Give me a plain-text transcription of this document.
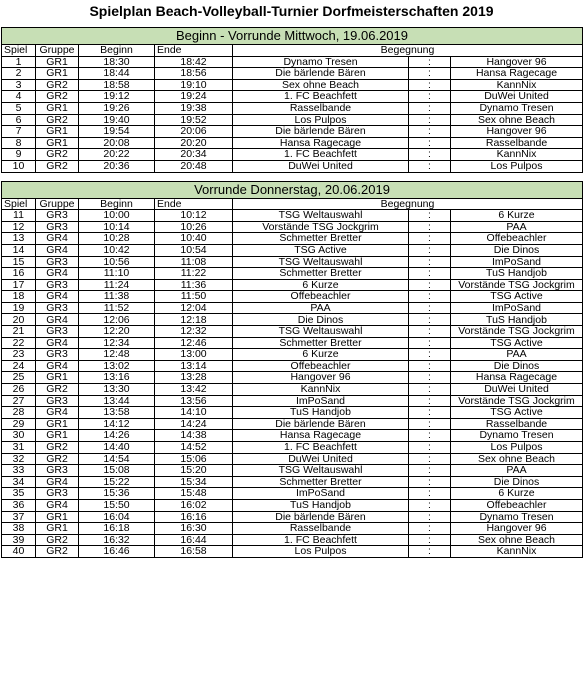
Spielplan Beach-Volleyball-Turnier Dorfmeisterschaften 2019
Beginn - Vorrunde Mittwoch, 19.06.2019						
Spiel	Gruppe	Beginn	Ende	Begegnung		
1	GR1	18:30	18:42	Dynamo Tresen	:	Hangover 96
2	GR1	18:44	18:56	Die bärlende Bären	:	Hansa Ragecage
3	GR2	18:58	19:10	Sex ohne Beach	:	KannNix
4	GR2	19:12	19:24	1. FC Beachfett	:	DuWei United
5	GR1	19:26	19:38	Rasselbande	:	Dynamo Tresen
6	GR2	19:40	19:52	Los Pulpos	:	Sex ohne Beach
7	GR1	19:54	20:06	Die bärlende Bären	:	Hangover 96
8	GR1	20:08	20:20	Hansa Ragecage	:	Rasselbande
9	GR2	20:22	20:34	1. FC Beachfett	:	KannNix
10	GR2	20:36	20:48	DuWei United	:	Los Pulpos
Vorrunde Donnerstag, 20.06.2019						
Spiel	Gruppe	Beginn	Ende	Begegnung		
11	GR3	10:00	10:12	TSG Weltauswahl	:	6 Kurze
12	GR3	10:14	10:26	Vorstände TSG Jockgrim	:	PAA
13	GR4	10:28	10:40	Schmetter Bretter	:	Offebeachler
14	GR4	10:42	10:54	TSG Active	:	Die Dinos
15	GR3	10:56	11:08	TSG Weltauswahl	:	ImPoSand
16	GR4	11:10	11:22	Schmetter Bretter	:	TuS Handjob
17	GR3	11:24	11:36	6 Kurze	:	Vorstände TSG Jockgrim
18	GR4	11:38	11:50	Offebeachler	:	TSG Active
19	GR3	11:52	12:04	PAA	:	ImPoSand
20	GR4	12:06	12:18	Die Dinos	:	TuS Handjob
21	GR3	12:20	12:32	TSG Weltauswahl	:	Vorstände TSG Jockgrim
22	GR4	12:34	12:46	Schmetter Bretter	:	TSG Active
23	GR3	12:48	13:00	6 Kurze	:	PAA
24	GR4	13:02	13:14	Offebeachler	:	Die Dinos
25	GR1	13:16	13:28	Hangover 96	:	Hansa Ragecage
26	GR2	13:30	13:42	KannNix	:	DuWei United
27	GR3	13:44	13:56	ImPoSand	:	Vorstände TSG Jockgrim
28	GR4	13:58	14:10	TuS Handjob	:	TSG Active
29	GR1	14:12	14:24	Die bärlende Bären	:	Rasselbande
30	GR1	14:26	14:38	Hansa Ragecage	:	Dynamo Tresen
31	GR2	14:40	14:52	1. FC Beachfett	:	Los Pulpos
32	GR2	14:54	15:06	DuWei United	:	Sex ohne Beach
33	GR3	15:08	15:20	TSG Weltauswahl	:	PAA
34	GR4	15:22	15:34	Schmetter Bretter	:	Die Dinos
35	GR3	15:36	15:48	ImPoSand	:	6 Kurze
36	GR4	15:50	16:02	TuS Handjob	:	Offebeachler
37	GR1	16:04	16:16	Die bärlende Bären	:	Dynamo Tresen
38	GR1	16:18	16:30	Rasselbande	:	Hangover 96
39	GR2	16:32	16:44	1. FC Beachfett	:	Sex ohne Beach
40	GR2	16:46	16:58	Los Pulpos	:	KannNix
